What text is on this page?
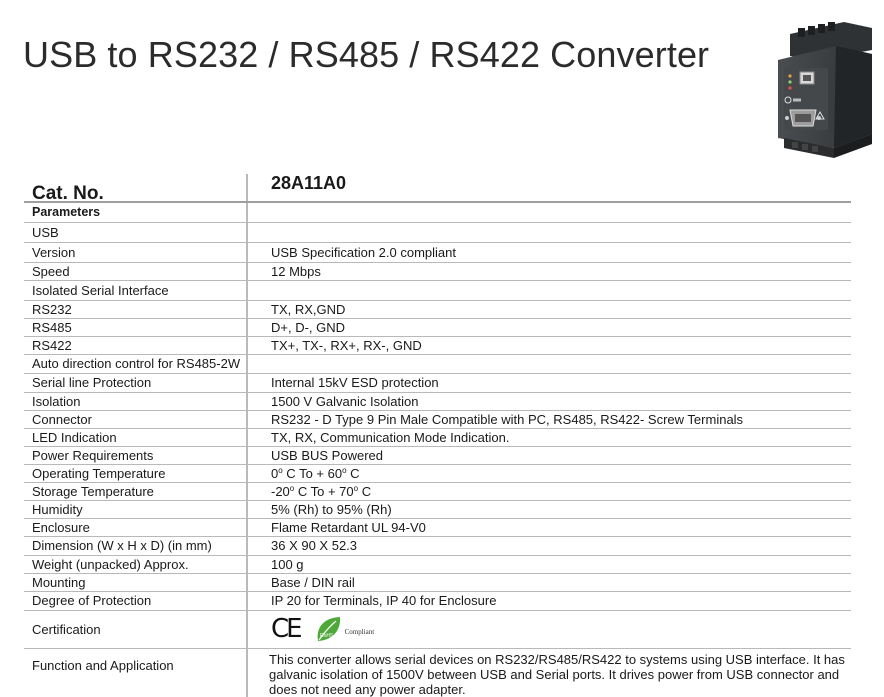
USB to RS232 / RS485 / RS422 Converter
Cat. No.	28A11A0
Parameters	
USB	
Version	USB Specification 2.0 compliant
Speed	12 Mbps
Isolated Serial Interface	
RS232	TX, RX,GND
RS485	D+, D-, GND
RS422	TX+, TX-, RX+, RX-, GND
Auto direction control for RS485-2W	
Serial line Protection	Internal 15kV ESD protection
Isolation	1500 V Galvanic Isolation
Connector	RS232 - D Type 9 Pin Male Compatible with PC, RS485, RS422- Screw Terminals
LED Indication	TX, RX, Communication Mode Indication.
Power Requirements	USB BUS Powered
Operating Temperature	0$^o$ C $To + 60^o$ C
Storage Temperature	-20$^o$ C $To + 70^o$ C
Humidity	5% (Rh) to 95% (Rh)
Enclosure	Flame Retardant UL 94-V0
Dimension (W x H x D) (in mm)	36 X 90 X 52.3
Weight (unpacked) Approx.	100 g
Mounting	Base / DIN rail
Degree of Protection	IP 20 for Terminals, IP 40 for Enclosure
Certification	CE RoHS Compliant

Function and Application	This converter allows serial devices on RS232/RS485/RS422 to systems using USB interface. It has galvanic isolation of 1500V between USB and Serial ports. It drives power from USB connector and does not need any power adapter.
